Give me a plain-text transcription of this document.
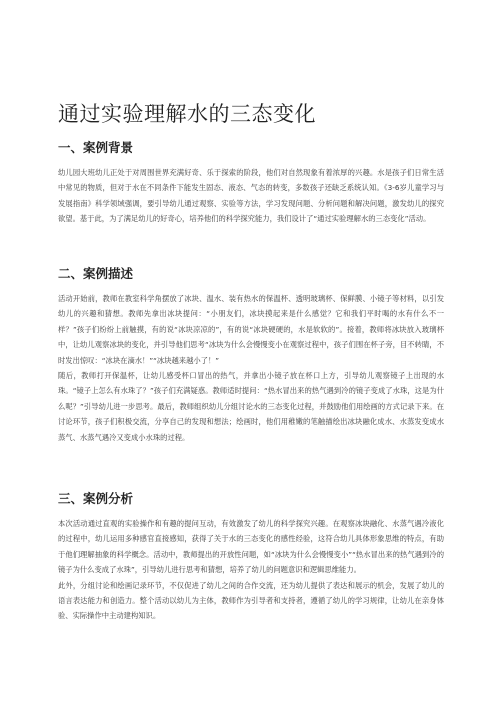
通过实验理解水的三态变化
一、案例背景

幼儿园大班幼儿正处于对周围世界充满好奇、乐于探索的阶段，他们对自然现象有着浓厚的兴趣。水是孩子们日常生活中常见的物质，但对于水在不同条件下能发生固态、液态、气态的转变，多数孩子还缺乏系统认知。《3-6岁儿童学习与发展指南》科学领域强调，要引导幼儿通过观察、实验等方法，学习发现问题、分析问题和解决问题，激发幼儿的探究欲望。基于此，为了满足幼儿的好奇心，培养他们的科学探究能力，我们设计了“通过实验理解水的三态变化”活动。

二、案例描述

活动开始前，教师在教室科学角摆放了冰块、温水、装有热水的保温杯、透明玻璃杯、保鲜膜、小镜子等材料，以引发幼儿的兴趣和猜想。教师先拿出冰块提问：“小朋友们，冰块摸起来是什么感觉？它和我们平时喝的水有什么不一样？”孩子们纷纷上前触摸，有的说“冰块凉凉的”，有的说“冰块硬硬的，水是软软的”。接着，教师将冰块放入玻璃杯中，让幼儿观察冰块的变化，并引导他们思考“冰块为什么会慢慢变小在观察过程中，孩子们围在杯子旁，目不转睛，不时发出惊叹：“冰块在滴水！”“冰块越来越小了！”

随后，教师打开保温杯，让幼儿感受杯口冒出的热气，并拿出小镜子放在杯口上方，引导幼儿观察镜子上出现的水珠。“镜子上怎么有水珠了？”孩子们充满疑惑。教师适时提问：“热水冒出来的热气遇到冷的镜子变成了水珠，这是为什么呢？”引导幼儿进一步思考。最后，教师组织幼儿分组讨论水的三态变化过程，并鼓励他们用绘画的方式记录下来。在讨论环节，孩子们积极交流，分享自己的发现和想法；绘画时，他们用稚嫩的笔触描绘出冰块融化成水、水蒸发变成水蒸气、水蒸气遇冷又变成小水珠的过程。

三、案例分析

本次活动通过直观的实验操作和有趣的提问互动，有效激发了幼儿的科学探究兴趣。在观察冰块融化、水蒸气遇冷液化的过程中，幼儿运用多种感官直接感知，获得了关于水的三态变化的感性经验，这符合幼儿具体形象思维的特点，有助于他们理解抽象的科学概念。活动中，教师提出的开放性问题，如“冰块为什么会慢慢变小”“热水冒出来的热气遇到冷的镜子为什么变成了水珠”，引导幼儿进行思考和猜想，培养了幼儿的问题意识和逻辑思维能力。

此外，分组讨论和绘画记录环节，不仅促进了幼儿之间的合作交流，还为幼儿提供了表达和展示的机会，发展了幼儿的语言表达能力和创造力。整个活动以幼儿为主体，教师作为引导者和支持者，遵循了幼儿的学习规律，让幼儿在亲身体验、实际操作中主动建构知识。
